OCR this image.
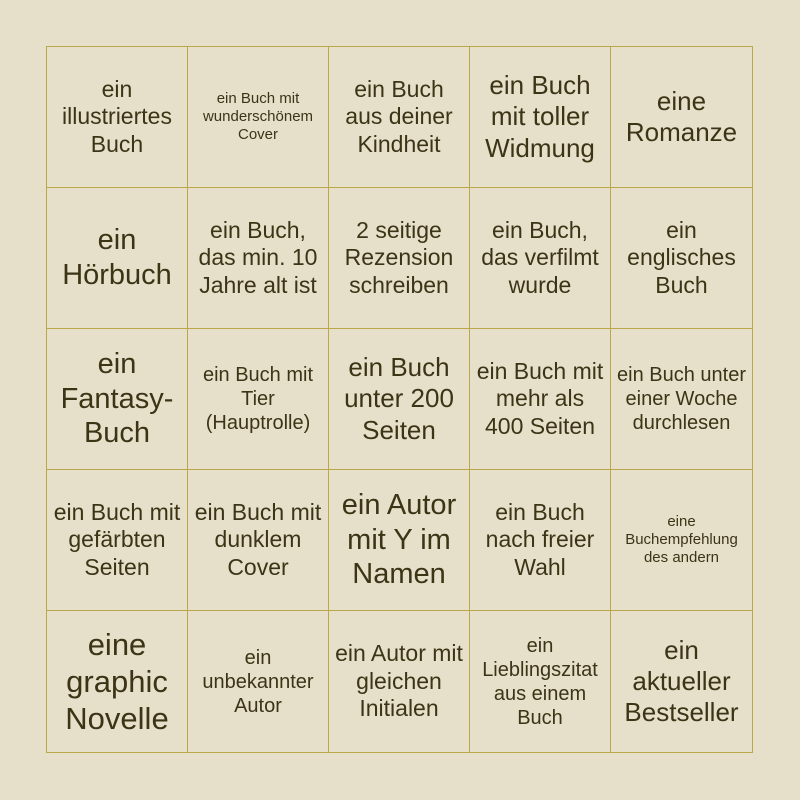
ein illustriertes Buch
ein Buch mit wunderschönem Cover
ein Buch aus deiner Kindheit
ein Buch mit toller Widmung
eine Romanze
ein Hörbuch
ein Buch, das min. 10 Jahre alt ist
2 seitige Rezension schreiben
ein Buch, das verfilmt wurde
ein englisches Buch
ein Fantasy-Buch
ein Buch mit Tier (Hauptrolle)
ein Buch unter 200 Seiten
ein Buch mit mehr als 400 Seiten
ein Buch unter einer Woche durchlesen
ein Buch mit gefärbten Seiten
ein Buch mit dunklem Cover
ein Autor mit Y im Namen
ein Buch nach freier Wahl
eine Buchempfehlung des andern
eine graphic Novelle
ein unbekannter Autor
ein Autor mit gleichen Initialen
ein Lieblingszitat aus einem Buch
ein aktueller Bestseller
